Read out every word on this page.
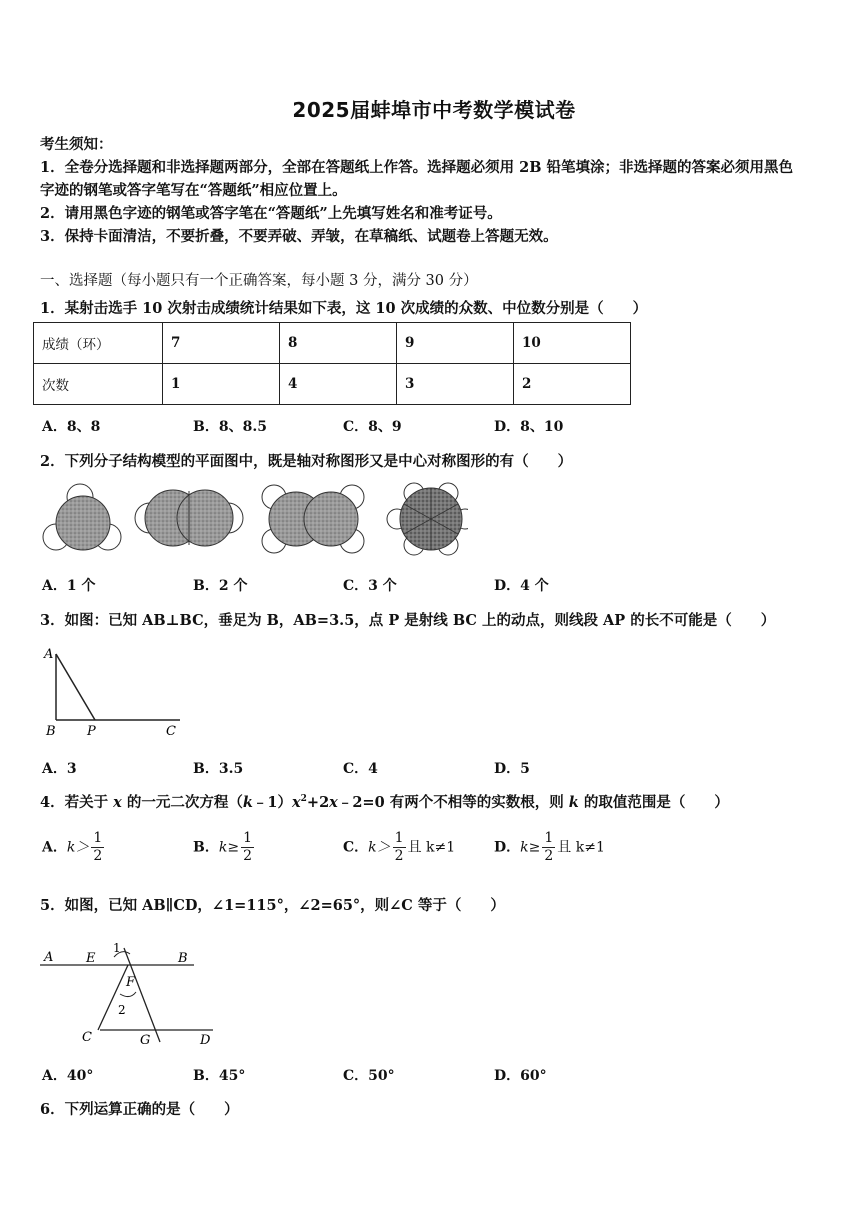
2025届蚌埠市中考数学模试卷
考生须知：
1．全卷分选择题和非选择题两部分，全部在答题纸上作答。选择题必须用 2B 铅笔填涂；非选择题的答案必须用黑色
字迹的钢笔或答字笔写在“答题纸”相应位置上。
2．请用黑色字迹的钢笔或答字笔在“答题纸”上先填写姓名和准考证号。
3．保持卡面清洁，不要折叠，不要弄破、弄皱，在草稿纸、试题卷上答题无效。
一、选择题（每小题只有一个正确答案，每小题 3 分，满分 30 分）
1．某射击选手 10 次射击成绩统计结果如下表，这 10 次成绩的众数、中位数分别是（　　）
成绩（环）	7	8	9	10
次数	1	4	3	2
A．8、8	B．8、8.5	C．8、9	D．8、10
2．下列分子结构模型的平面图中，既是轴对称图形又是中心对称图形的有（　　）
A．1 个	B．2 个	C．3 个	D．4 个
3．如图：已知 AB⊥BC，垂足为 B，AB=3.5，点 P 是射线 BC 上的动点，则线段 AP 的长不可能是（　　）
A
B P	C
A．3	B．3.5	C．4	D．5
4．若关于 x 的一元二次方程$(k﹣1)x^2+2x﹣2=0$ 有两个不相等的实数根，则 k 的取值范围是（　　）
A．$k> \frac{1}{2}$	B．$k\ge \frac{1}{2}$	C．$k> \frac{1}{2}$ 且 k≠1	D．$k\ge \frac{1}{2}$ 且 k≠1
5．如图，已知 AB∥CD，∠1=115°，∠2=65°，则∠C 等于（　　）
A	E
1
B
F
2
C	G	D
A．40°	B．45°	C．50°	D．60°
6．下列运算正确的是（　　）
